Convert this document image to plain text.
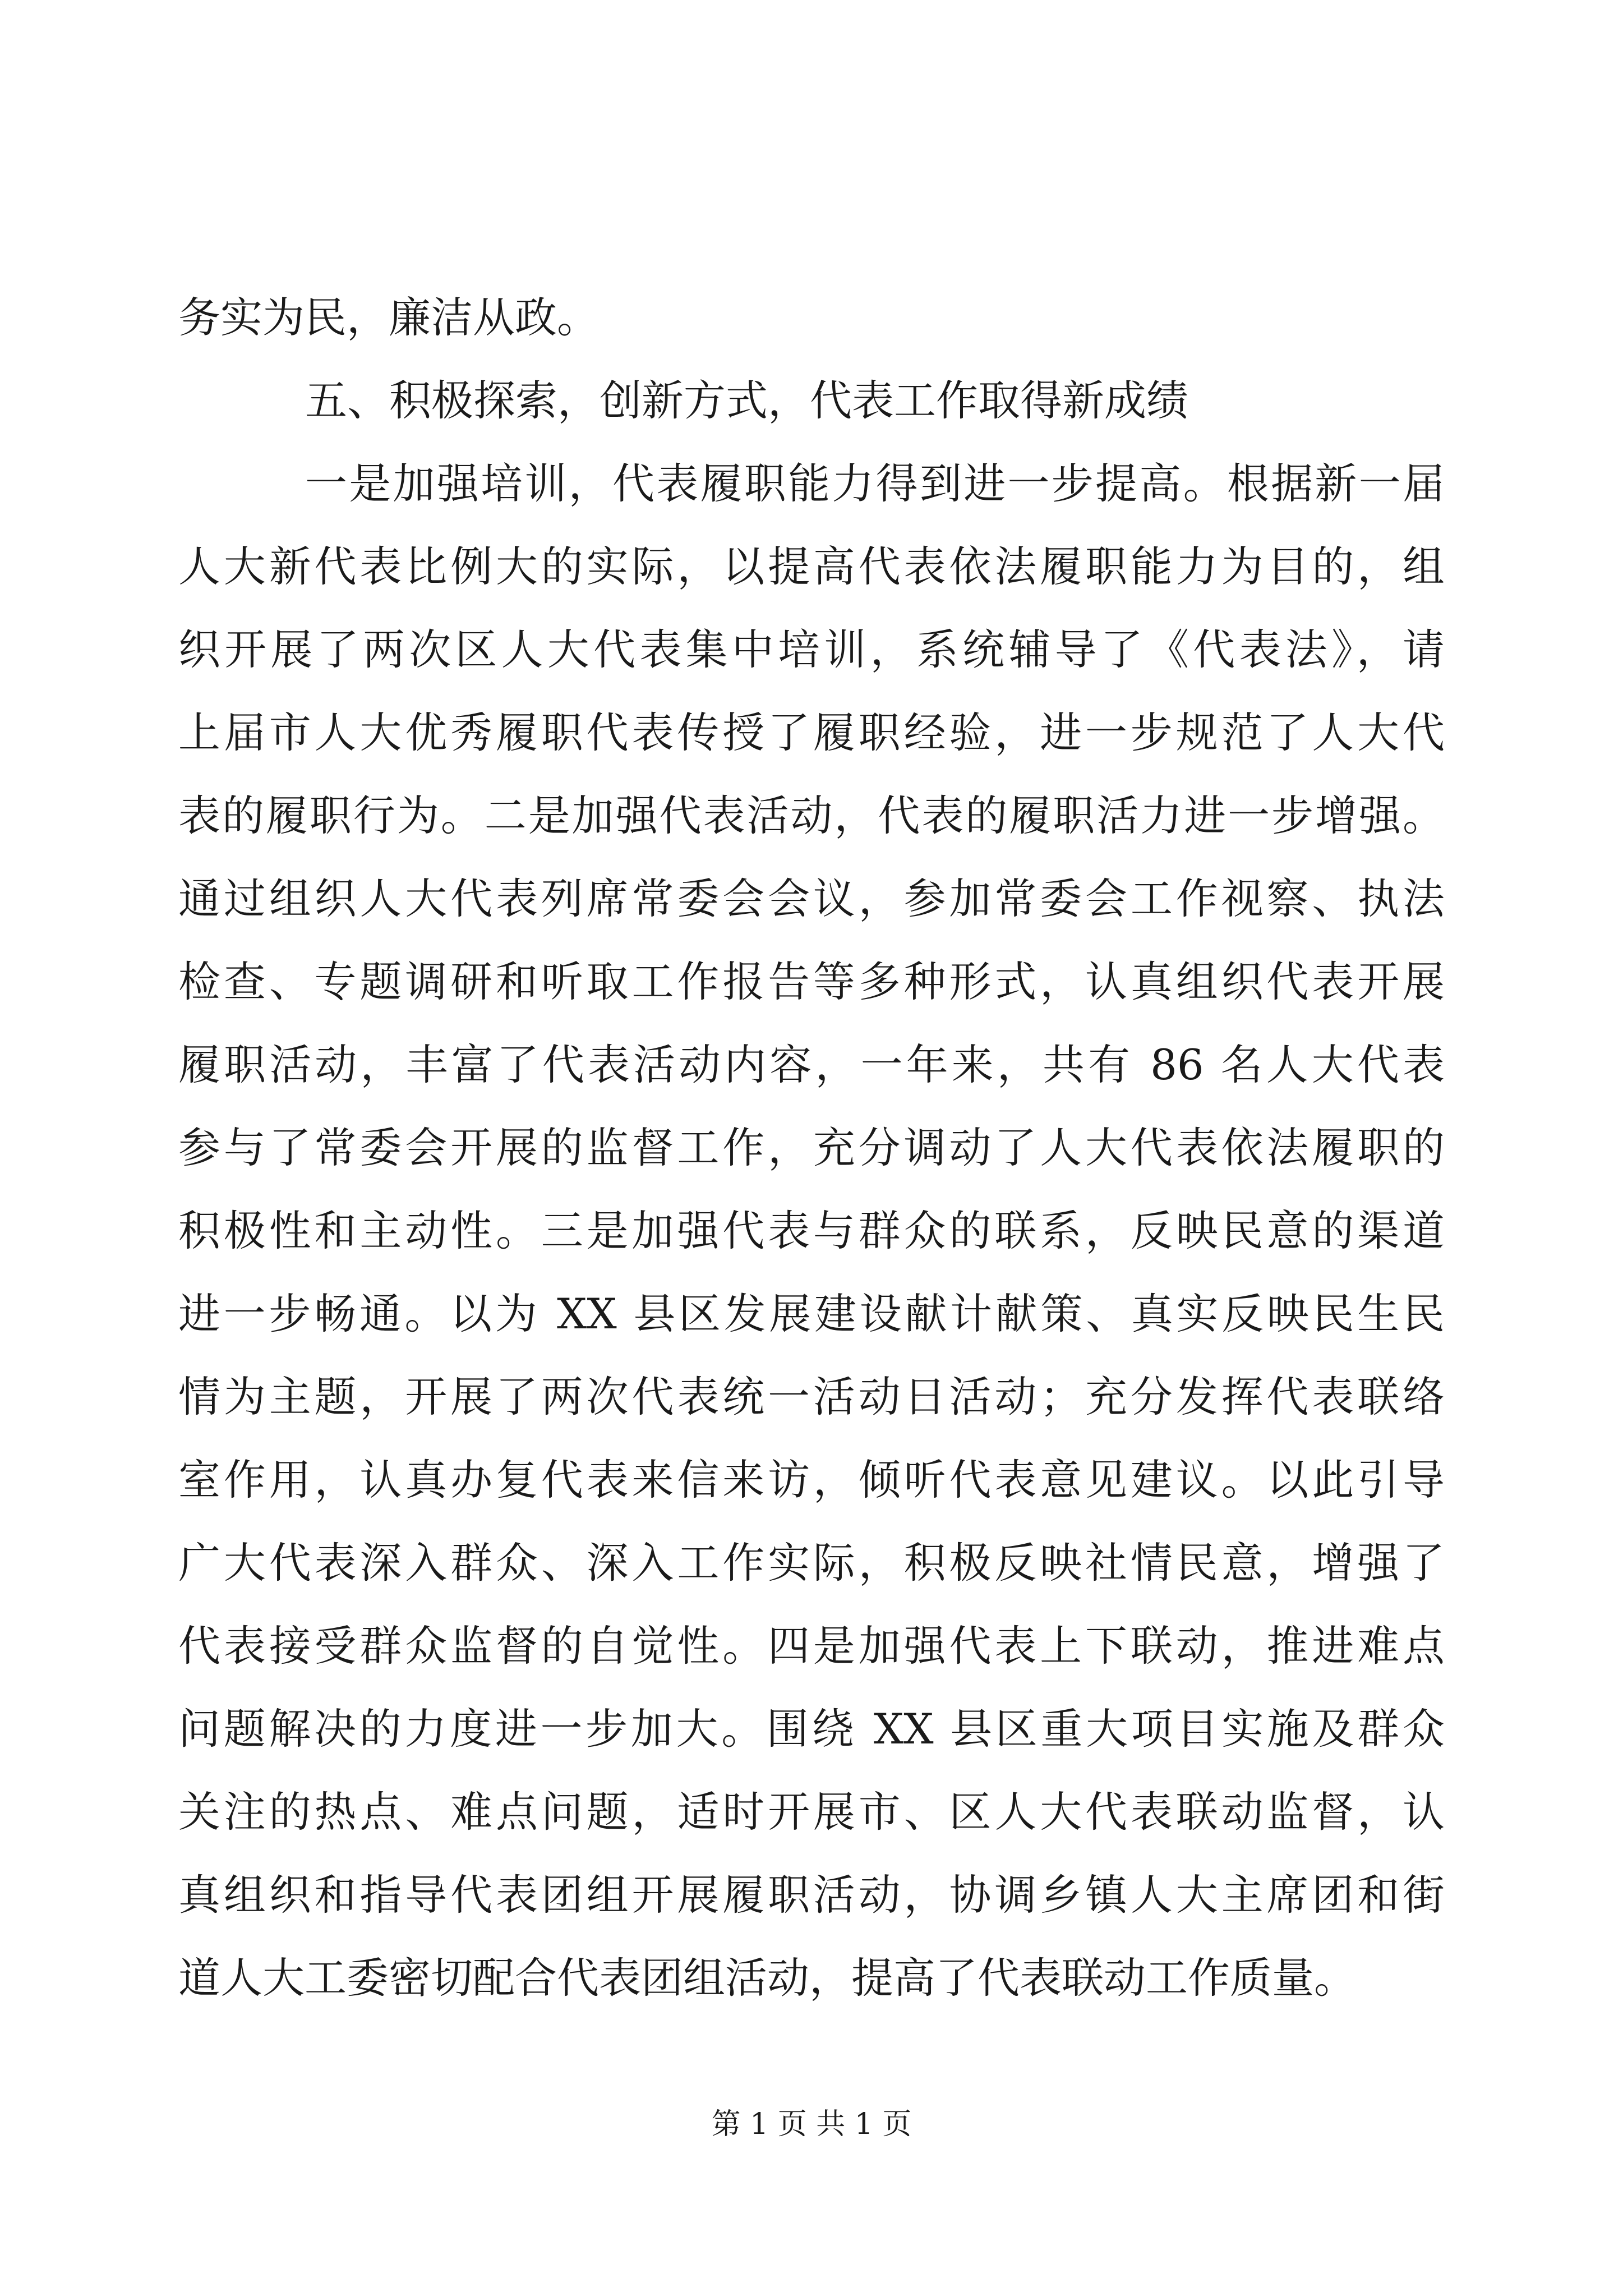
务实为民，廉洁从政。
五、积极探索，创新方式，代表工作取得新成绩
一是加强培训，代表履职能力得到进一步提高。根据新一届
人大新代表比例大的实际，以提高代表依法履职能力为目的，组
织开展了两次区人大代表集中培训，系统辅导了《代表法》，请
上届市人大优秀履职代表传授了履职经验，进一步规范了人大代
表的履职行为。二是加强代表活动，代表的履职活力进一步增强。
通过组织人大代表列席常委会会议，参加常委会工作视察、执法
检查、专题调研和听取工作报告等多种形式，认真组织代表开展
履职活动，丰富了代表活动内容，一年来，共有 86 名人大代表
参与了常委会开展的监督工作，充分调动了人大代表依法履职的
积极性和主动性。三是加强代表与群众的联系，反映民意的渠道
进一步畅通。以为 XX 县区发展建设献计献策、真实反映民生民
情为主题，开展了两次代表统一活动日活动；充分发挥代表联络
室作用，认真办复代表来信来访，倾听代表意见建议。以此引导
广大代表深入群众、深入工作实际，积极反映社情民意，增强了
代表接受群众监督的自觉性。四是加强代表上下联动，推进难点
问题解决的力度进一步加大。围绕 XX 县区重大项目实施及群众
关注的热点、难点问题，适时开展市、区人大代表联动监督，认
真组织和指导代表团组开展履职活动，协调乡镇人大主席团和街
道人大工委密切配合代表团组活动，提高了代表联动工作质量。
第 1 页 共 1 页
